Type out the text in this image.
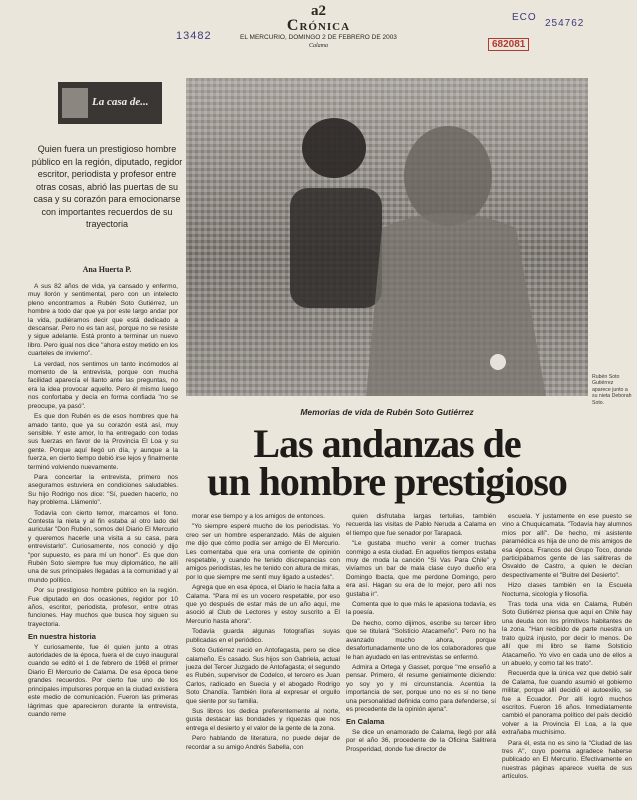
13482
ECO
254762
682081
a2
Crónica
EL MERCURIO, DOMINGO 2 DE FEBRERO DE 2003
Calama
La casa de...
Quien fuera un prestigioso hombre público en la región, diputado, regidor escritor, periodista y profesor entre otras cosas, abrió las puertas de su casa y su corazón para emocionarse con importantes recuerdos de su trayectoria
Ana Huerta P.
Rubén Soto Gutiérrez aparece junto a su nieta Deborah Soto.
Memorias de vida de Rubén Soto Gutiérrez
Las andanzas de
un hombre prestigioso

A sus 82 años de vida, ya cansado y enfermo, muy llorón y sentimental, pero con un intelecto pleno encontramos a Rubén Soto Gutiérrez, un hombre a todo dar que ya por este largo andar por la vida, pudiéramos decir que está dedicado a descansar. Pero no es tan así, porque no se resiste y sigue adelante. Está pronto a terminar un nuevo libro. Pero igual nos dice "ahora estoy metido en los cuarteles de invierno".

La verdad, nos sentimos un tanto incómodos al momento de la entrevista, porque con mucha facilidad aparecía el llanto ante las preguntas, no era la idea provocar aquello. Pero él mismo luego nos confortaba y decía en forma confiada "no se preocupe, ya pasó".

Es que don Rubén es de esos hombres que ha amado tanto, que ya su corazón está así, muy sensible. Y este amor, lo ha entregado con todas sus fuerzas en favor de la Provincia El Loa y su gente. Porque aquí llegó un día, y aunque a la fuerza, en cierto tiempo debió irse lejos y finalmente terminó volviendo nuevamente.

Para concertar la entrevista, primero nos aseguramos estuviera en condiciones saludables. Su hijo Rodrigo nos dice: "Sí, pueden hacerlo, no hay problema. Llámenlo".

Todavía con cierto temor, marcamos el fono. Contesta la nieta y al fin estaba al otro lado del auricular "Don Rubén, somos del Diario El Mercurio y queremos hacerle una visita a su casa, para entrevistarlo". Curiosamente, nos conoció y dijo "por supuesto, es para mí un honor". Es que don Rubén Soto siempre fue muy diplomático, he allí una de sus principales llegadas a la comunidad y al mundo político.

Por su prestigioso hombre público en la región. Fue diputado en dos ocasiones, regidor por 10 años, escritor, periodista, profesor, entre otras funciones. Hay muchos que busca hoy siguen su trayectoria.

En nuestra historia

Y curiosamente, fue él quien junto a otras autoridades de la época, fuera el de cuyo inaugural cuando se editó el 1 de febrero de 1968 el primer Diario El Mercurio de Calama. De esa época tiene grandes recuerdos. Por cierto fue uno de los principales impulsores porque en la ciudad existiera este medio de comunicación. Fueron las primeras lágrimas que aparecieron durante la entrevista, cuando reme

morar ese tiempo y a los amigos de entonces.

"Yo siempre esperé mucho de los periodistas. Yo creo ser un hombre esperanzado. Más de alguien me dijo que cómo podía ser amigo de El Mercurio. Les comentaba que era una corriente de opinión respetable, y cuando he tenido discrepancias con amigos periodistas, les he tenido con altura de miras, por lo que siempre me sentí muy ligado a ustedes".

Agrega que en esa época, el Diario le hacía falta a Calama. "Para mí es un vocero respetable, por eso que yo después de estar más de un año aquí, me asoció al Club de Lectores y estoy suscrito a El Mercurio hasta ahora".

Todavía guarda algunas fotografías suyas publicadas en el periódico.

Soto Gutiérrez nació en Antofagasta, pero se dice calameño. Es casado. Sus hijos son Gabriela, actual jueza del Tercer Juzgado de Antofagasta; el segundo es Rubén, supervisor de Codelco, el tercero es Juan Carlos, radicado en Suecia y el abogado Rodrigo Soto Chandía. También llora al expresar el orgullo que siente por su familia.

Sus libros los dedica preferentemente al norte, gusta destacar las bondades y riquezas que nos entrega el desierto y el valor de la gente de la zona.

Pero hablando de literatura, no puede dejar de recordar a su amigo Andrés Sabella, con

quien disfrutaba largas tertulias, también recuerda las visitas de Pablo Neruda a Calama en el tiempo que fue senador por Tarapacá.

"Le gustaba mucho venir a comer truchas conmigo a esta ciudad. En aquellos tiempos estaba muy de moda la canción "Si Vas Para Chile" y vivíamos un bar de mala clase cuyo dueño era Domingo Ibacta, que me perdone Domingo, pero era así. Hagan su era de lo mejor, pero allí nos gustaba ir".

Comenta que lo que más le apasiona todavía, es la poesía.

De hecho, como dijimos, escribe su tercer libro que se titulará "Solsticio Atacameño". Pero no ha avanzado mucho ahora, porque desafortunadamente uno de los colaboradores que le han ayudado en las entrevistas se enfermó.

Admira a Ortega y Gasset, porque "me enseñó a pensar. Primero, él resume genialmente diciendo: yo soy yo y mi circunstancia. Acentúa la importancia de ser, porque uno no es sí no tiene una personalidad definida como para defenderse, sí es precedente de la opinión ajena".

En Calama

Se dice un enamorado de Calama, llegó por allá por el año 36, procedente de la Oficina Salitrera Prosperidad, donde fue director de

escuela. Y justamente en ese puesto se vino a Chuquicamata. "Todavía hay alumnos míos por allí". De hecho, mi asistente paramédica es hija de uno de mis amigos de esa época. Francos del Grupo Toco, donde participábamos gente de las salitreras de Osvaldo de Castro, a quien le decían despectivamente el "Buitre del Desierto".

Hizo clases también en la Escuela Nocturna, sicología y filosofía.

Tras toda una vida en Calama, Rubén Soto Gutiérrez piensa que aquí en Chile hay una deuda con los primitivos habitantes de la zona. "Han recibido de parte nuestra un trato quizá injusto, por decir lo menos. De allí que mi libro se llame Solsticio Atacameño. Yo vivo en cada uno de ellos a un abuelo, y como tal les trato".

Recuerda que la única vez que debió salir de Calama, fue cuando asumió el gobierno militar, porque allí decidió el autoexilio, se fue a Ecuador. Por allí logró muchos escritos. Fueron 16 años. Inmediatamente cambió el panorama político del país decidió volver a la Provincia El Loa, a la que extrañaba muchísimo.

Para él, esta no es sino la "Ciudad de las tres A", cuyo poema agradece haberse publicado en El Mercurio. Efectivamente en nuestras páginas aparece vuelta de sus artículos.
